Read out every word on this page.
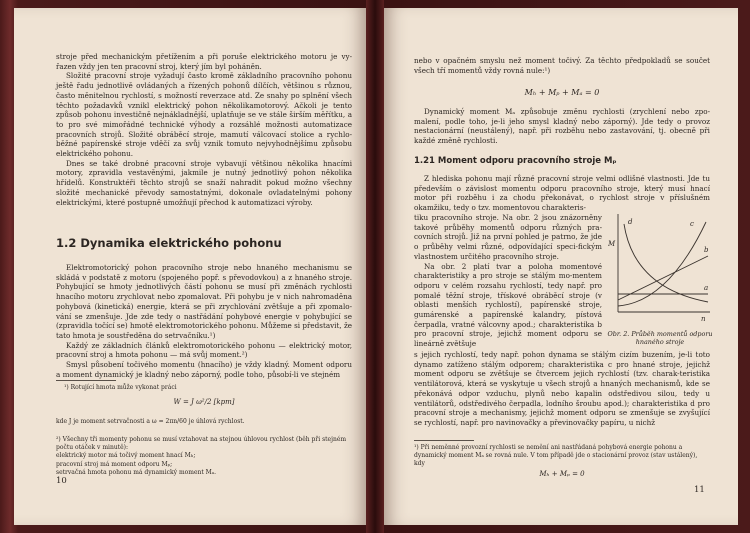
stroje před mechanickým přetížením a při poruše elektrického motoru je vy-řazen vždy jen ten pracovní stroj, který jím byl poháněn.

Složité pracovní stroje vyžadují často kromě základního pracovního pohonu ještě řadu jednotlivě ovládaných a řízených pohonů dílčích, většinou s různou, často měnitelnou rychlostí, s možností reverzace atd. Ze snahy po splnění všech těchto požadavků vznikl elektrický pohon několikamotorový. Ačkoli je tento způsob pohonu investičně nejnákladnější, uplatňuje se ve stále širším měřítku, a to pro své mimořádné technické výhody a rozsáhlé možnosti automatizace pracovních strojů. Složité obráběcí stroje, mamutí válcovací stolice a rychlo-běžné papírenské stroje vděčí za svůj vznik tomuto nejvyhodnějšímu způsobu elektrického pohonu.

Dnes se také drobné pracovní stroje vybavují většinou několika hnacími motory, zpravidla vestavěnými, jakmile je nutný jednotlivý pohon několika hřídelů. Konstruktéři těchto strojů se snaží nahradit pokud možno všechny složité mechanické převody samostatnými, dokonale ovladatelnými pohony elektrickými, které postupně umožňují přechod k automatizaci výroby.

1.2 Dynamika elektrického pohonu

Elektromotorický pohon pracovního stroje nebo hnaného mechanismu se skládá v podstatě z motoru (spojeného popř. s převodovkou) a z hnaného stroje. Pohybující se hmoty jednotlivých částí pohonu se musí při změnách rychlosti hnacího motoru zrychlovat nebo zpomalovat. Při pohybu je v nich nahromaděna pohybová (kinetická) energie, která se při zrychlování zvětšuje a při zpomalo-vání se zmenšuje. Jde zde tedy o nastřádání pohybové energie v pohybující se (zpravidla točící se) hmotě elektromotorického pohonu. Můžeme si představit, že tato hmota je soustředěna do setrvačníku.¹)

Každý ze základních článků elektromotorického pohonu — elektrický motor, pracovní stroj a hmota pohonu — má svůj moment.²)

Smysl působení točivého momentu (hnacího) je vždy kladný. Moment odporu a moment dynamický je kladný nebo záporný, podle toho, působí-li ve stejném

¹) Rotující hmota může vykonat práci
W = J ω²/2 [kpm]
kde J je moment setrvačnosti a ω = 2πn/60 je úhlová rychlost.
²) Všechny tři momenty pohonu se musí vztahovat na stejnou úhlovou rychlost (běh při stejném počtu otáček v minutě):
elektrický motor má točivý moment hnací Mₕ;
pracovní stroj má moment odporu Mₚ;
setrvačná hmota pohonu má dynamický moment Mₐ.
10

nebo v opačném smyslu než moment točivý. Za těchto předpokladů se součet všech tří momentů vždy rovná nule:¹)

Mₕ + Mₚ + Mₐ = 0

Dynamický moment Mₐ způsobuje změnu rychlosti (zrychlení nebo zpo-malení, podle toho, je-li jeho smysl kladný nebo záporný). Jde tedy o provoz nestacionární (neustálený), např. při rozběhu nebo zastavování, tj. obecně při každé změně rychlosti.

1.21 Moment odporu pracovního stroje Mₚ

Z hlediska pohonu mají různé pracovní stroje velmi odlišné vlastnosti. Jde tu především o závislost momentu odporu pracovního stroje, který musí hnací motor při rozběhu i za chodu překonávat, o rychlost stroje v příslušném okamžiku, tedy o tzv. momentovou charakteris-

tiku pracovního stroje. Na obr. 2 jsou znázorněny takové průběhy momentů odporu různých pra-covních strojů. Již na první pohled je patrno, že jde o průběhy velmi různé, odpovídající speci-fickým vlastnostem určitého pracovního stroje.

Na obr. 2 platí tvar a poloha momentové charakteristiky a pro stroje se stálým mo-mentem odporu v celém rozsahu rychlostí, tedy např. pro pomalé těžní stroje, třískové obráběcí stroje (v oblasti menších rychlostí), papírenské stroje, gumárenské a papírenské kalandry, pístová čerpadla, vratné válcovny apod.; charakteristika b pro pracovní stroje, jejichž moment odporu se lineárně zvětšuje

M
n
a
b
c
d
Obr. 2. Průběh momentů odporu hnaného stroje

s jejich rychlostí, tedy např. pohon dynama se stálým cizím buzením, je-li toto dynamo zatíženo stálým odporem; charakteristika c pro hnané stroje, jejichž moment odporu se zvětšuje se čtvercem jejich rychlostí (tzv. charak-teristika ventilátorová, která se vyskytuje u všech strojů a hnaných mechanismů, kde se překonává odpor vzduchu, plynů nebo kapalin odstředivou silou, tedy u ventilátorů, odstředivého čerpadla, lodního šroubu apod.); charakteristika d pro pracovní stroje a mechanismy, jejichž moment odporu se zmenšuje se zvyšující se rychlostí, např. pro navinovačky a převinovačky papíru, u nichž

¹) Při neměnné provozní rychlosti se nemění ani nastřádaná pohybová energie pohonu a dynamický moment Mₐ se rovná nule. V tom případě jde o stacionární provoz (stav ustálený), kdy
Mₕ + Mₚ = 0
11
